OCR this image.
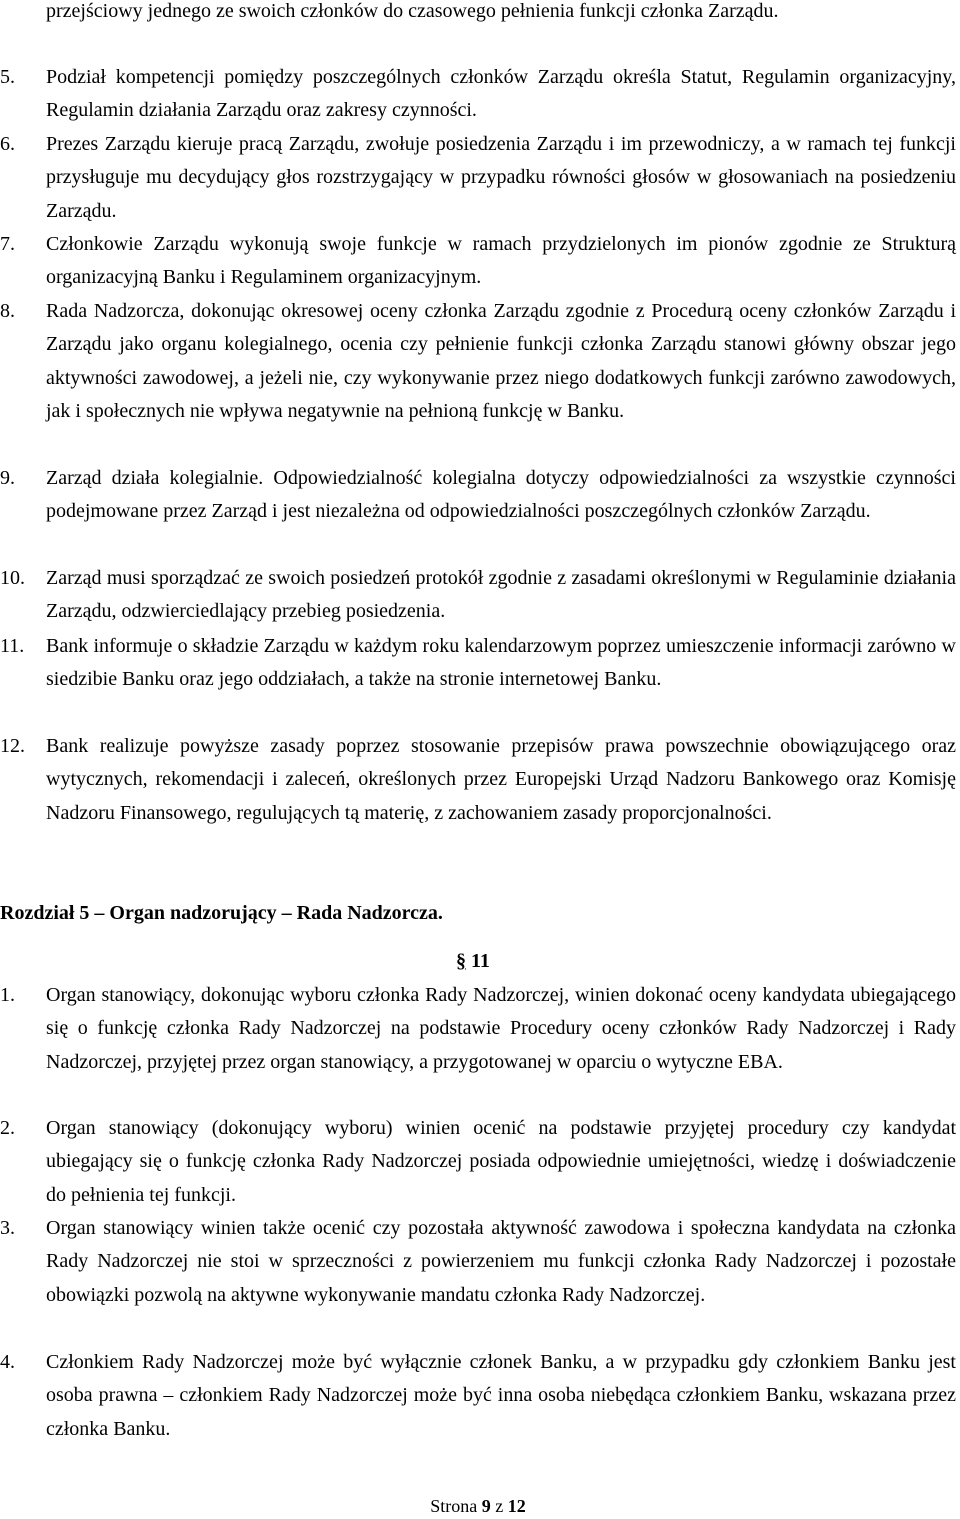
przejściowy jednego ze swoich członków do czasowego pełnienia funkcji członka Zarządu.
5.	Podział kompetencji pomiędzy poszczególnych członków Zarządu określa Statut, Regulamin organizacyjny, Regulamin działania Zarządu oraz zakresy czynności.
6.	Prezes Zarządu kieruje pracą Zarządu, zwołuje posiedzenia Zarządu i im przewodniczy, a w ramach tej funkcji przysługuje mu decydujący głos rozstrzygający w przypadku równości głosów w głosowaniach na posiedzeniu Zarządu.
7.	Członkowie Zarządu wykonują swoje funkcje w ramach przydzielonych im pionów zgodnie ze Strukturą organizacyjną Banku i Regulaminem organizacyjnym.
8.	Rada Nadzorcza, dokonując okresowej oceny członka Zarządu zgodnie z Procedurą oceny członków Zarządu i Zarządu jako organu kolegialnego, ocenia czy pełnienie funkcji członka Zarządu stanowi główny obszar jego aktywności zawodowej, a jeżeli nie, czy wykonywanie przez niego dodatkowych funkcji zarówno zawodowych, jak i społecznych nie wpływa negatywnie na pełnioną funkcję w Banku.
9.	Zarząd działa kolegialnie. Odpowiedzialność kolegialna dotyczy odpowiedzialności za wszystkie czynności podejmowane przez Zarząd i jest niezależna od odpowiedzialności poszczególnych członków Zarządu.
10.	Zarząd musi sporządzać ze swoich posiedzeń protokół zgodnie z zasadami określonymi w Regulaminie działania Zarządu, odzwierciedlający przebieg posiedzenia.
11.	Bank informuje o składzie Zarządu w każdym roku kalendarzowym poprzez umieszczenie informacji zarówno w siedzibie Banku oraz jego oddziałach, a także na stronie internetowej Banku.
12.	Bank realizuje powyższe zasady poprzez stosowanie przepisów prawa powszechnie obowiązującego oraz wytycznych, rekomendacji i zaleceń, określonych przez Europejski Urząd Nadzoru Bankowego oraz Komisję Nadzoru Finansowego, regulujących tą materię, z zachowaniem zasady proporcjonalności.
Rozdział 5 – Organ nadzorujący – Rada Nadzorcza.
§ 11
1.	Organ stanowiący, dokonując wyboru członka Rady Nadzorczej, winien dokonać oceny kandydata ubiegającego się o funkcję członka Rady Nadzorczej na podstawie Procedury oceny członków Rady Nadzorczej i Rady Nadzorczej, przyjętej przez organ stanowiący, a przygotowanej w oparciu o wytyczne EBA.
2.	Organ stanowiący (dokonujący wyboru) winien ocenić na podstawie przyjętej procedury czy kandydat ubiegający się o funkcję członka Rady Nadzorczej posiada odpowiednie umiejętności, wiedzę i doświadczenie do pełnienia tej funkcji.
3.	Organ stanowiący winien także ocenić czy pozostała aktywność zawodowa i społeczna kandydata na członka Rady Nadzorczej nie stoi w sprzeczności z powierzeniem mu funkcji członka Rady Nadzorczej i pozostałe obowiązki pozwolą na aktywne wykonywanie mandatu członka Rady Nadzorczej.
4.	Członkiem Rady Nadzorczej może być wyłącznie członek Banku, a w przypadku gdy członkiem Banku jest osoba prawna – członkiem Rady Nadzorczej może być inna osoba niebędąca członkiem Banku, wskazana przez członka Banku.
Strona 9 z 12
